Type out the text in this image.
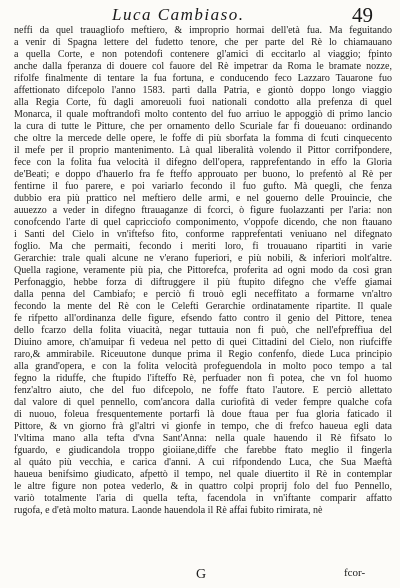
Luca Cambiaso.	49
neffi da quel trauagliofo meftiero, & improprio hormai dell'età fua. Ma feguitando
a venir di Spagna lettere del fudetto tenore, che per parte del Rè lo chiamauano
a quella Corte, e non potendofi contenere gl'amici di eccitarlo al viaggio; fpinto
anche dalla fperanza di douere col fauore del Rè impetrar da Roma le bramate nozze,
rifolfe finalmente di tentare la fua fortuna, e conducendo feco Lazzaro Tauarone fuo
affettionato difcepolo l'anno 1583. partì dalla Patria, e giontò doppo longo viaggio
alla Regia Corte, fù dagli amoreuoli fuoi nationali condotto alla prefenza di quel
Monarca, il quale moftrandofi molto contento del fuo arriuo le appoggiò di primo lancio
la cura di tutte le Pitture, che per ornamento dello Scuriale far fi doueuano: ordinando
che oltre la mercede delle opere, le foffe di più sborfata la fomma di fcuti cinquecento
il mefe per il proprio mantenimento. Là qual liberalità volendo il Pittor corrifpondere,
fece con la folita fua velocità il difegno dell'opera, rapprefentando in effo la Gloria
de'Beati; e doppo d'hauerlo fra fe fteffo approuato per buono, lo prefentò al Rè per
fentirne il fuo parere, e poi variarlo fecondo il fuo gufto. Mà quegli, che fenza
dubbio era più prattico nel meftiero delle armi, e nel gouerno delle Prouincie, che
auuezzo a veder in difegno ftrauaganze di fcorci, ò figure fuolazzanti per l'aria: non
conofcendo l'arte di quel capricciofo componimento, v'oppofe dicendo, che non ftauano
i Santi del Cielo in vn'iftefso fito, conforme rapprefentati veniuano nel difegnato
foglio. Ma che permaiti, fecondo i meriti loro, fi trouauano ripartiti in varie
Gerarchie: trale quali alcune ne v'erano fuperiori, e più nobili, & inferiori molt'altre.
Quella ragione, veramente più pia, che Pittorefca, proferita ad ogni modo da così gran
Perfonaggio, hebbe forza di diftruggere il più ftupito difegno che v'effe giamai
dalla penna del Cambiafo; e perciò fi trouò egli neceffitato a formarne vn'altro
fecondo la mente del Rè con le Celefti Gerarchie ordinatamente ripartite. Il quale
fe rifpetto all'ordinanza delle figure, efsendo fatto contro il genio del Pittore, tenea
dello fcarzo della folita viuacità, negar tuttauia non fi può, che nell'efpreffiua del
Diuino amore, ch'amuipar fi vedeua nel petto di quei Cittadini del Cielo, non riufciffe
raro,& ammirabile. Riceuutone dunque prima il Regio confenfo, diede Luca principio
alla grand'opera, e con la folita velocità profeguendola in molto poco tempo a tal
fegno la riduffe, che ftupido l'ifteffo Rè, perfuader non fi potea, che vn fol huomo
fenz'altro aiuto, che del fuo difcepolo, ne foffe ftato l'autore. E perciò allettato
dal valore di quel pennello, com'ancora dalla curiofità di veder fempre qualche cofa
di nuouo, foleua fresquentemente portarfi là doue ftaua per fua gloria faticado il
Pittore, & vn giorno frà gl'altri vi gionfe in tempo, che di frefco haueua egli data
l'vltima mano alla tefta d'vna Sant'Anna: nella quale hauendo il Rè fifsato lo
fguardo, e giudicandola troppo gioiiane,diffe che farebbe ftato meglio il fingerla
al quáto più vecchia, e carica d'anni. A cui rifpondendo Luca, che Sua Maeftà
haueua benifsimo giudicato, afpettò il tempo, nel quale diuertito il Rè in contemplar
le altre figure non potea vederlo, & in quattro colpi proprij folo del fuo Pennello,
variò totalmente l'aria di quella tefta, facendola in vn'iftante comparir affatto
rugofa, e d'età molto matura. Laonde hauendola il Rè affai fubito rimirata, nè
G	fcor-
